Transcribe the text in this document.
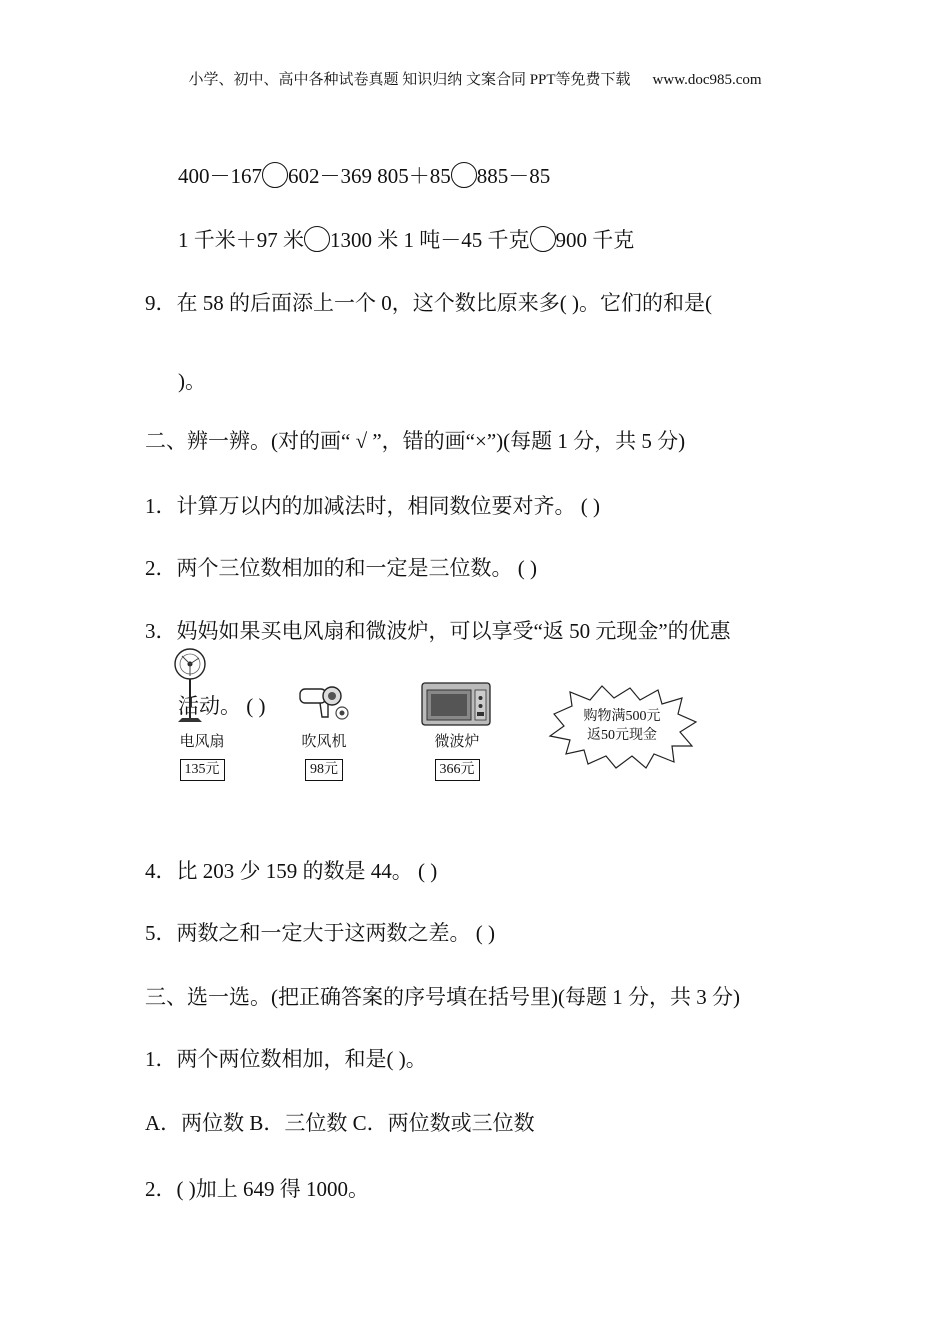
小学、初中、高中各种试卷真题 知识归纳 文案合同 PPT等免费下载 www.doc985.com
400－167 602－369 805＋85 885－85
1 千米＋97 米 1300 米 1 吨－45 千克 900 千克
9．在 58 的后面添上一个 0，这个数比原来多( )。它们的和是(
)。
二、辨一辨。(对的画“ √ ”，错的画“×”)(每题 1 分，共 5 分)
1．计算万以内的加减法时，相同数位要对齐。 ( )
2．两个三位数相加的和一定是三位数。 ( )
3．妈妈如果买电风扇和微波炉，可以享受“返 50 元现金”的优惠
活动。 ( )
电风扇
135元
吹风机
98元
微波炉
366元
购物满500元
返50元现金
4．比 203 少 159 的数是 44。 ( )
5．两数之和一定大于这两数之差。 ( )
三、选一选。(把正确答案的序号填在括号里)(每题 1 分，共 3 分)
1．两个两位数相加，和是( )。
A．两位数 B．三位数 C．两位数或三位数
2．( )加上 649 得 1000。
